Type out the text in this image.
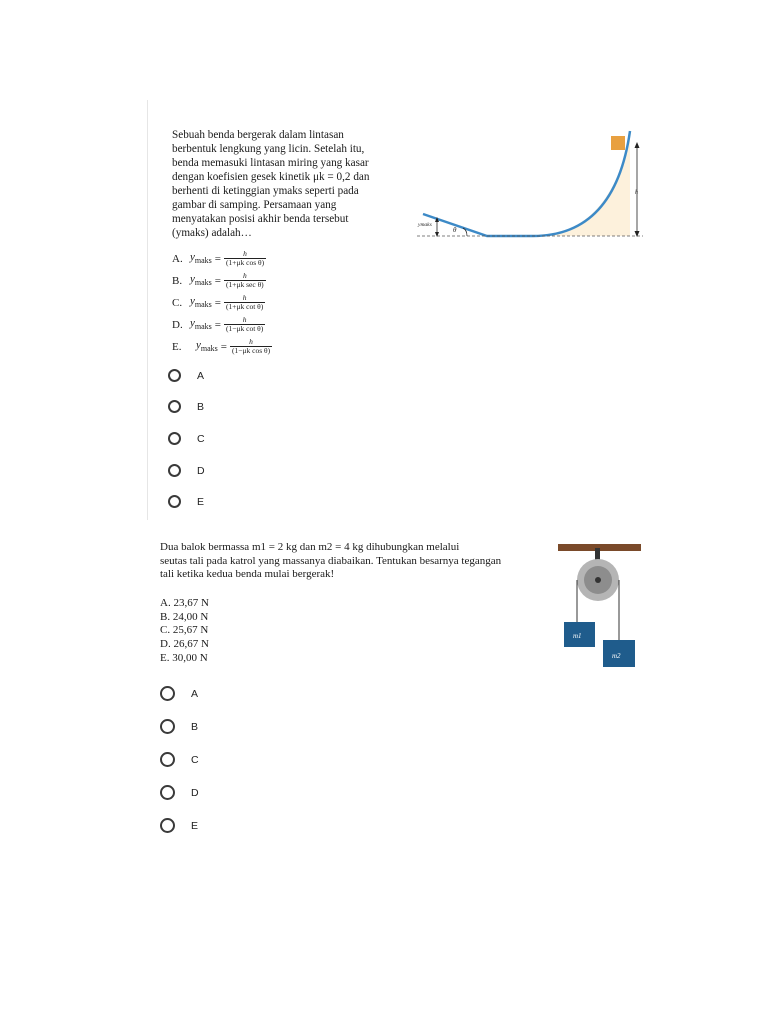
Sebuah benda bergerak dalam lintasan
berbentuk lengkung yang licin. Setelah itu,
benda memasuki lintasan miring yang kasar
dengan koefisien gesek kinetik μk = 0,2 dan
berhenti di ketinggian ymaks seperti pada
gambar di samping. Persamaan yang
menyatakan posisi akhir benda tersebut
(ymaks) adalah…
h
ymaks
θ
A. $y_{maks} = \frac{h}{\text{(1+μk cos θ)}}$
B. $y_{maks} = \frac{h}{\text{(1+μk sec θ)}}$
C. $y_{maks} = \frac{h}{\text{(1+μk cot θ)}}$
D. $y_{maks} = \frac{h}{\text{(1−μk cot θ)}}$
E.	$y_{maks} = \frac{h}{\text{(1−μk cos θ)}}$
A
B
C
D
E
Dua balok bermassa m1 = 2 kg dan m2 = 4 kg dihubungkan melalui
seutas tali pada katrol yang massanya diabaikan. Tentukan besarnya tegangan
tali ketika kedua benda mulai bergerak!
m1
m2
A. 23,67 N
B. 24,00 N
C. 25,67 N
D. 26,67 N
E. 30,00 N
A
B
C
D
E
